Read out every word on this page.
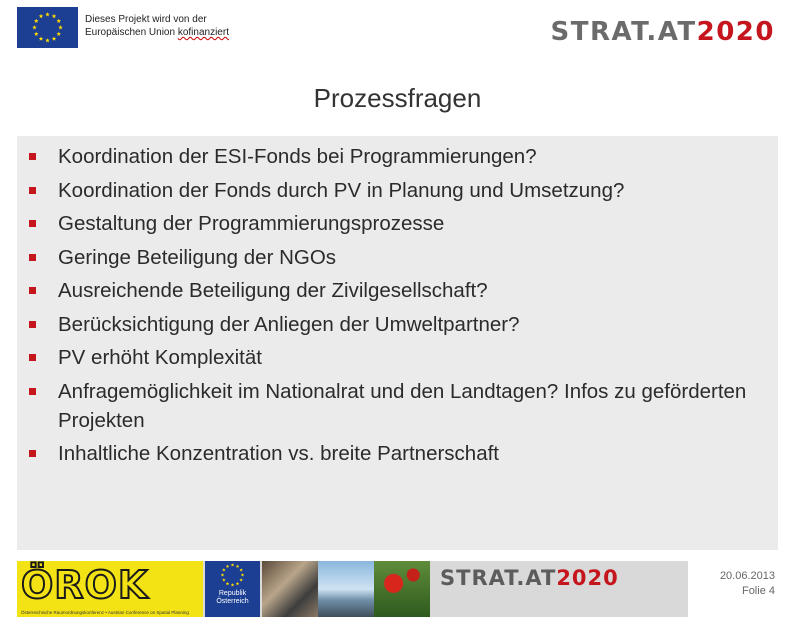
Dieses Projekt wird von der
Europäischen Union kofinanziert	STRAT.AT2020
Prozessfragen
Koordination der ESI-Fonds bei Programmierungen?
Koordination der Fonds durch PV in Planung und Umsetzung?
Gestaltung der Programmierungsprozesse
Geringe Beteiligung der NGOs
Ausreichende Beteiligung der Zivilgesellschaft?
Berücksichtigung der Anliegen der Umweltpartner?
PV erhöht Komplexität
Anfragemöglichkeit im Nationalrat und den Landtagen? Infos zu geförderten Projekten
Inhaltliche Konzentration vs. breite Partnerschaft
ÖROK
Österreichische Raumordnungskonferenz • Austrian Conference on Spatial Planning
Republik
Österreich
STRAT.AT2020	20.06.2013
Folie 4
